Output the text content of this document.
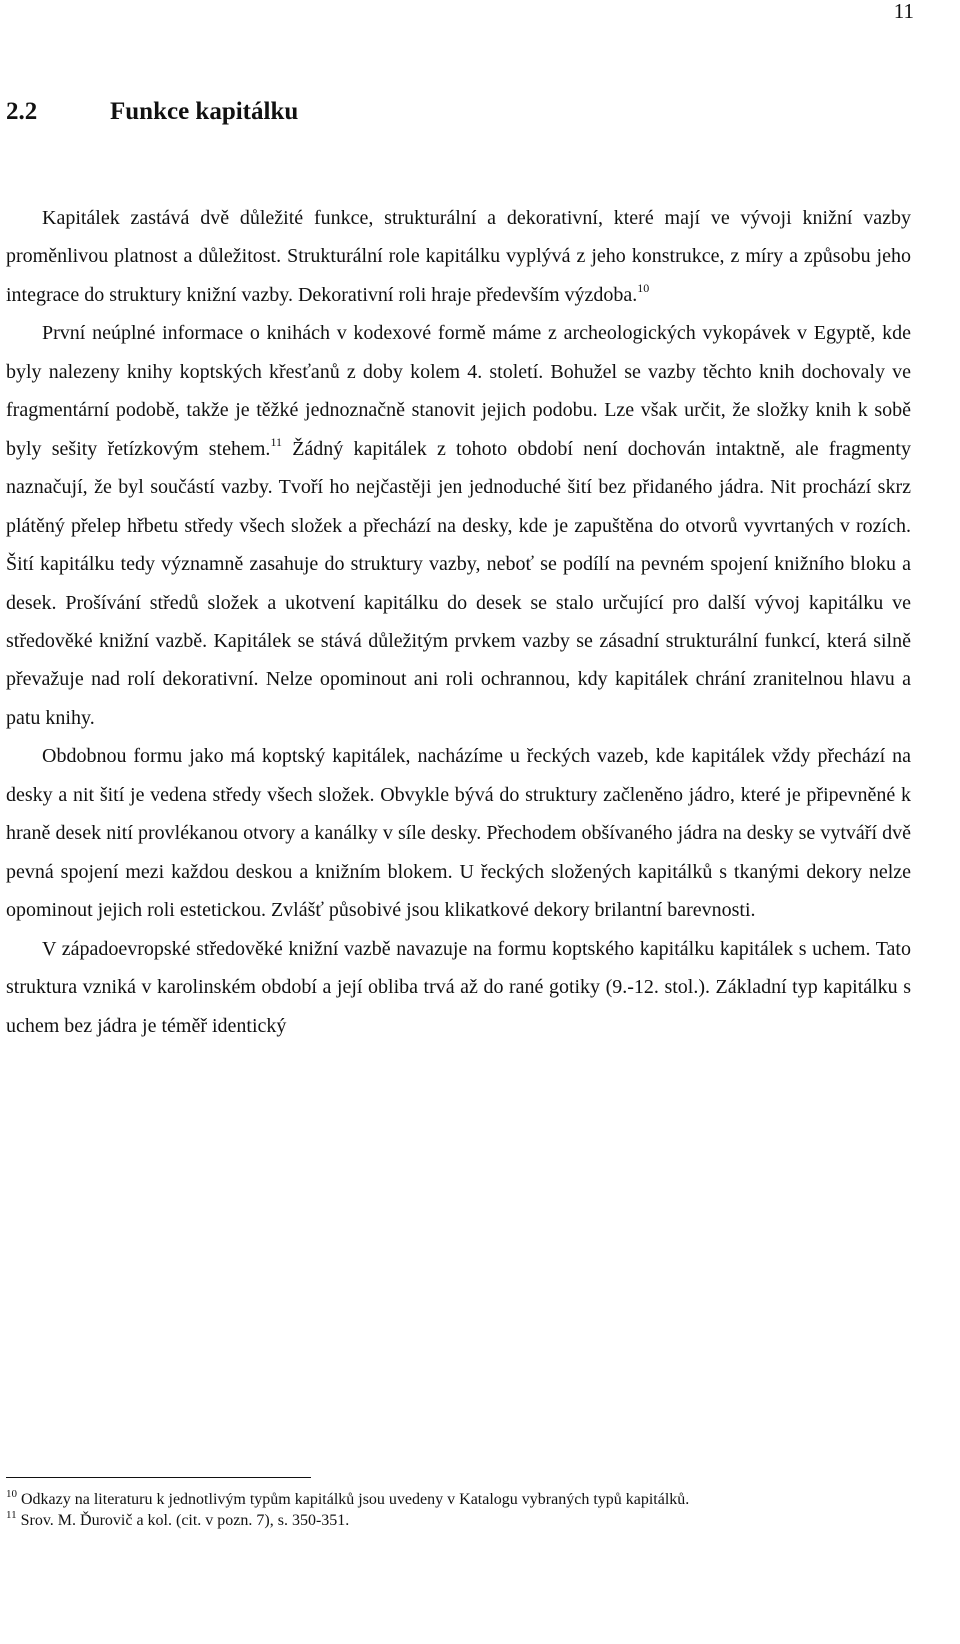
11
2.2	Funkce kapitálku

Kapitálek zastává dvě důležité funkce, strukturální a dekorativní, které mají ve vývoji knižní vazby proměnlivou platnost a důležitost. Strukturální role kapitálku vyplývá z jeho konstrukce, z míry a způsobu jeho integrace do struktury knižní vazby. Dekorativní roli hraje především výzdoba.$^{10}$

První neúplné informace o knihách v kodexové formě máme z archeologických vykopávek v Egyptě, kde byly nalezeny knihy koptských křesťanů z doby kolem 4. století. Bohužel se vazby těchto knih dochovaly ve fragmentární podobě, takže je těžké jednoznačně stanovit jejich podobu. Lze však určit, že složky knih k sobě byly sešity řetízkovým stehem.$^{11}$ Žádný kapitálek z tohoto období není dochován intaktně, ale fragmenty naznačují, že byl součástí vazby. Tvoří ho nejčastěji jen jednoduché šití bez přidaného jádra. Nit prochází skrz plátěný přelep hřbetu středy všech složek a přechází na desky, kde je zapuštěna do otvorů vyvrtaných v rozích. Šití kapitálku tedy významně zasahuje do struktury vazby, neboť se podílí na pevném spojení knižního bloku a desek. Prošívání středů složek a ukotvení kapitálku do desek se stalo určující pro další vývoj kapitálku ve středověké knižní vazbě. Kapitálek se stává důležitým prvkem vazby se zásadní strukturální funkcí, která silně převažuje nad rolí dekorativní. Nelze opominout ani roli ochrannou, kdy kapitálek chrání zranitelnou hlavu a patu knihy.

Obdobnou formu jako má koptský kapitálek, nacházíme u řeckých vazeb, kde kapitálek vždy přechází na desky a nit šití je vedena středy všech složek. Obvykle bývá do struktury začleněno jádro, které je připevněné k hraně desek nití provlékanou otvory a kanálky v síle desky. Přechodem obšívaného jádra na desky se vytváří dvě pevná spojení mezi každou deskou a knižním blokem. U řeckých složených kapitálků s tkanými dekory nelze opominout jejich roli estetickou. Zvlášť působivé jsou klikatkové dekory brilantní barevnosti.

V západoevropské středověké knižní vazbě navazuje na formu koptského kapitálku kapitálek s uchem. Tato struktura vzniká v karolinském období a její obliba trvá až do rané gotiky (9.-12. stol.). Základní typ kapitálku s uchem bez jádra je téměř identický

$^{10}$ Odkazy na literaturu k jednotlivým typům kapitálků jsou uvedeny v Katalogu vybraných typů kapitálků.

$^{11}$ Srov. M. Ďurovič a kol. (cit. v pozn. 7), s. 350-351.
